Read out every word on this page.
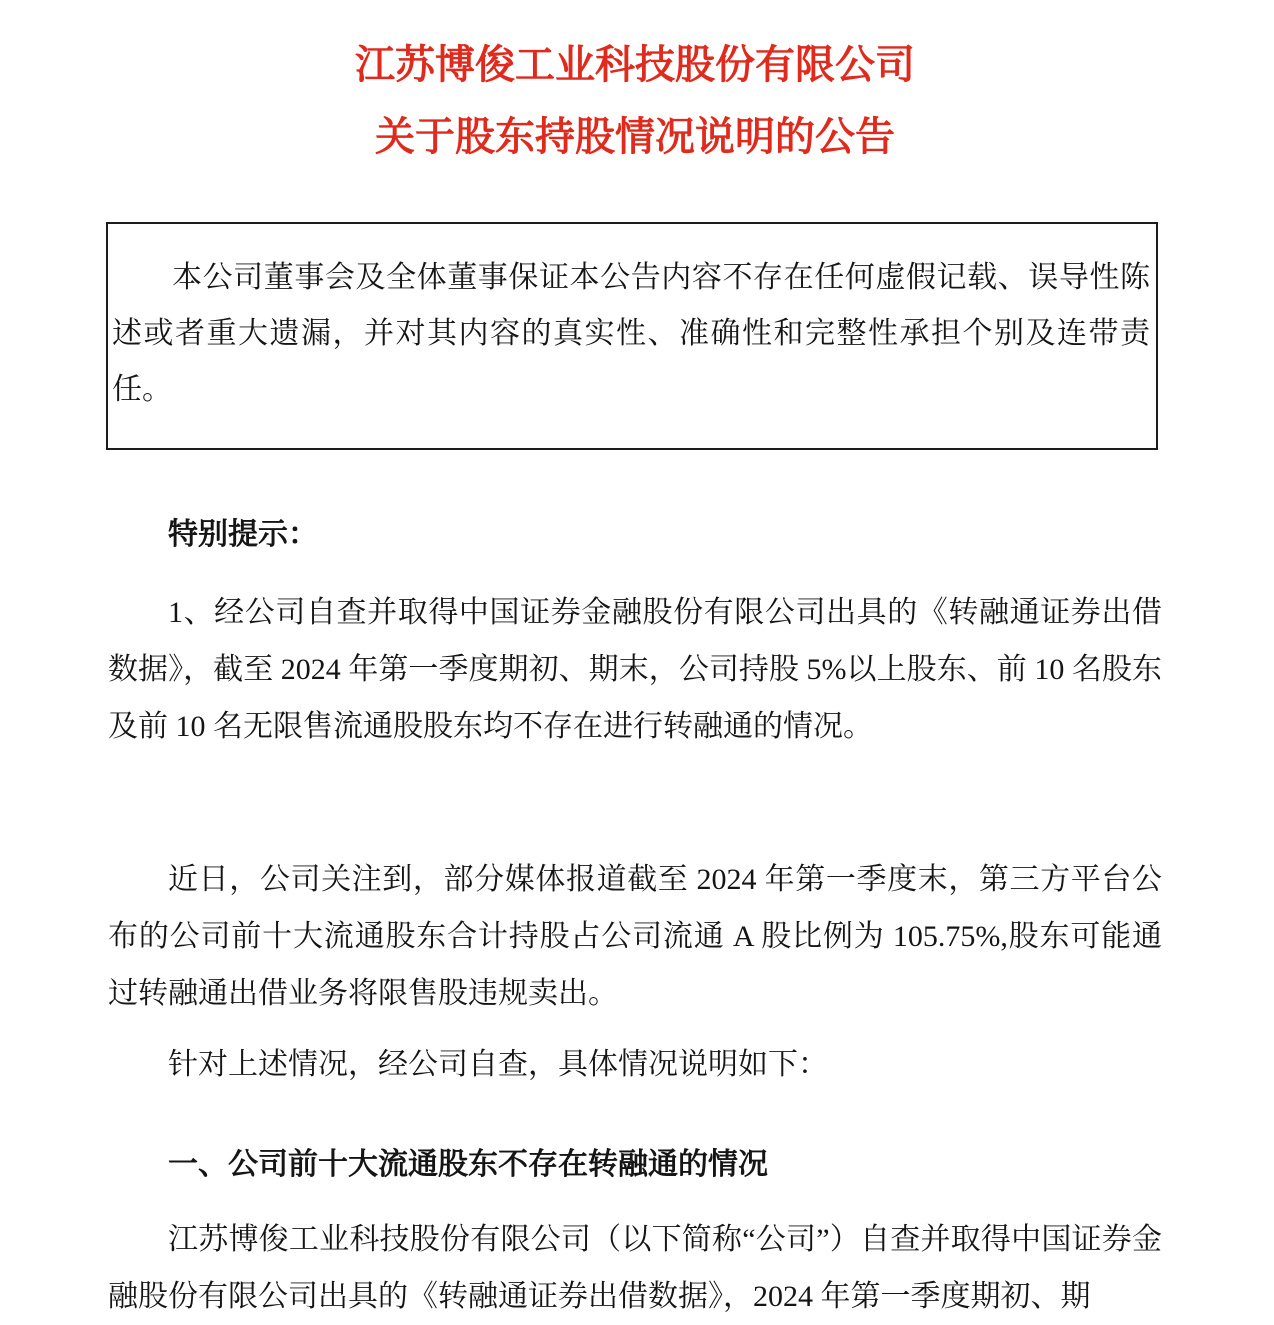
江苏博俊工业科技股份有限公司
关于股东持股情况说明的公告

本公司董事会及全体董事保证本公告内容不存在任何虚假记载、误导性陈述或者重大遗漏，并对其内容的真实性、准确性和完整性承担个别及连带责任。

特别提示：

1、经公司自查并取得中国证券金融股份有限公司出具的《转融通证券出借数据》，截至 2024 年第一季度期初、期末，公司持股 5%以上股东、前 10 名股东及前 10 名无限售流通股股东均不存在进行转融通的情况。

近日，公司关注到，部分媒体报道截至 2024 年第一季度末，第三方平台公布的公司前十大流通股东合计持股占公司流通 A 股比例为 105.75%,股东可能通过转融通出借业务将限售股违规卖出。

针对上述情况，经公司自查，具体情况说明如下：

一、公司前十大流通股东不存在转融通的情况

江苏博俊工业科技股份有限公司（以下简称“公司”）自查并取得中国证券金融股份有限公司出具的《转融通证券出借数据》，2024 年第一季度期初、期
